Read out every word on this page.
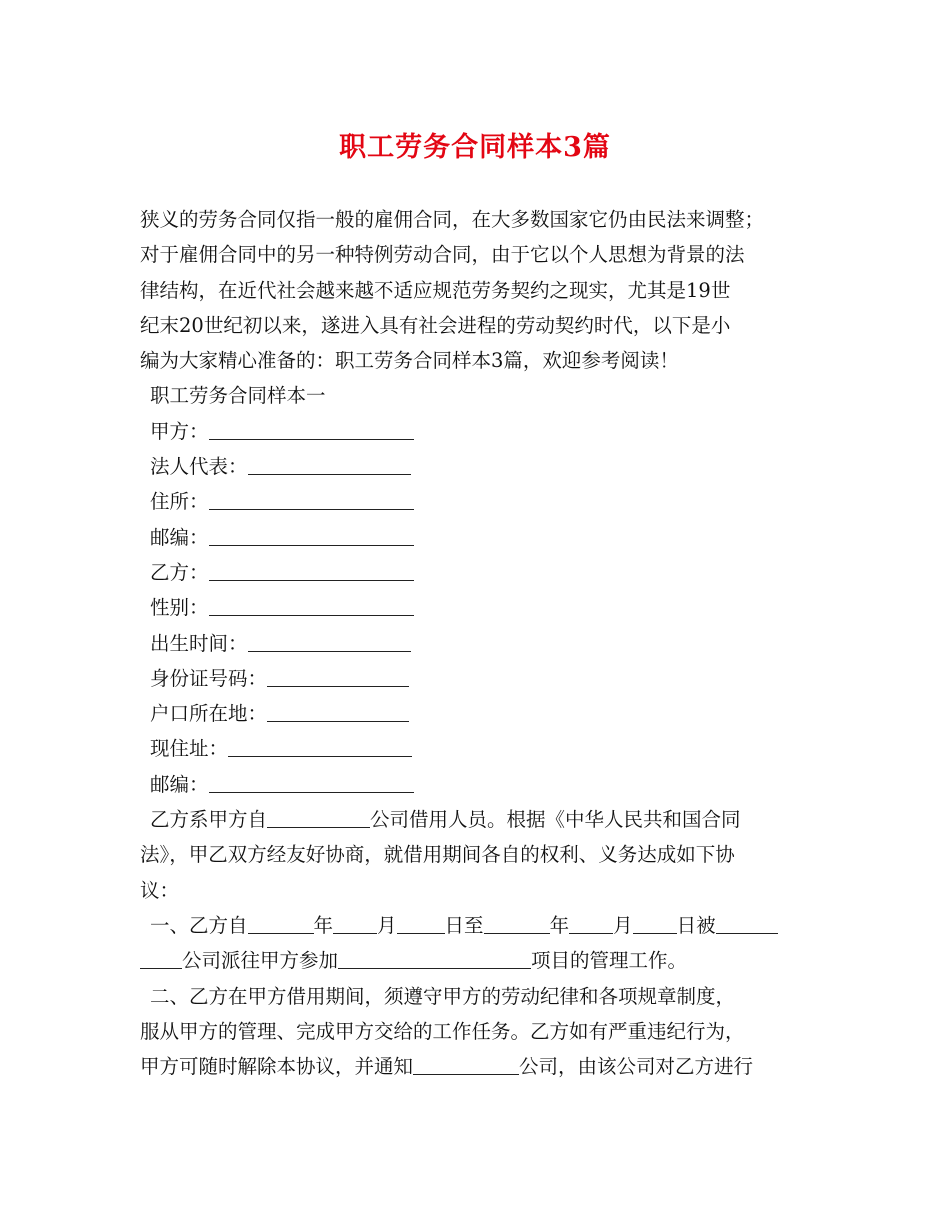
职工劳务合同样本3篇
狭义的劳务合同仅指一般的雇佣合同，在大多数国家它仍由民法来调整；
对于雇佣合同中的另一种特例劳动合同，由于它以个人思想为背景的法
律结构，在近代社会越来越不适应规范劳务契约之现实，尤其是19世
纪末20世纪初以来，遂进入具有社会进程的劳动契约时代，以下是小
编为大家精心准备的：职工劳务合同样本3篇，欢迎参考阅读！
职工劳务合同样本一
甲方：
法人代表：
住所：
邮编：
乙方：
性别：
出生时间：
身份证号码：
户口所在地：
现住址：
邮编：
乙方系甲方自	公司借用人员。根据《中华人民共和国合同
法》，甲乙双方经友好协商，就借用期间各自的权利、义务达成如下协
议：
一、乙方自	年 月 日至	年 月 日被
公司派往甲方参加	项目的管理工作。
二、乙方在甲方借用期间，须遵守甲方的劳动纪律和各项规章制度，
服从甲方的管理、完成甲方交给的工作任务。乙方如有严重违纪行为，
甲方可随时解除本协议，并通知	公司，由该公司对乙方进行
